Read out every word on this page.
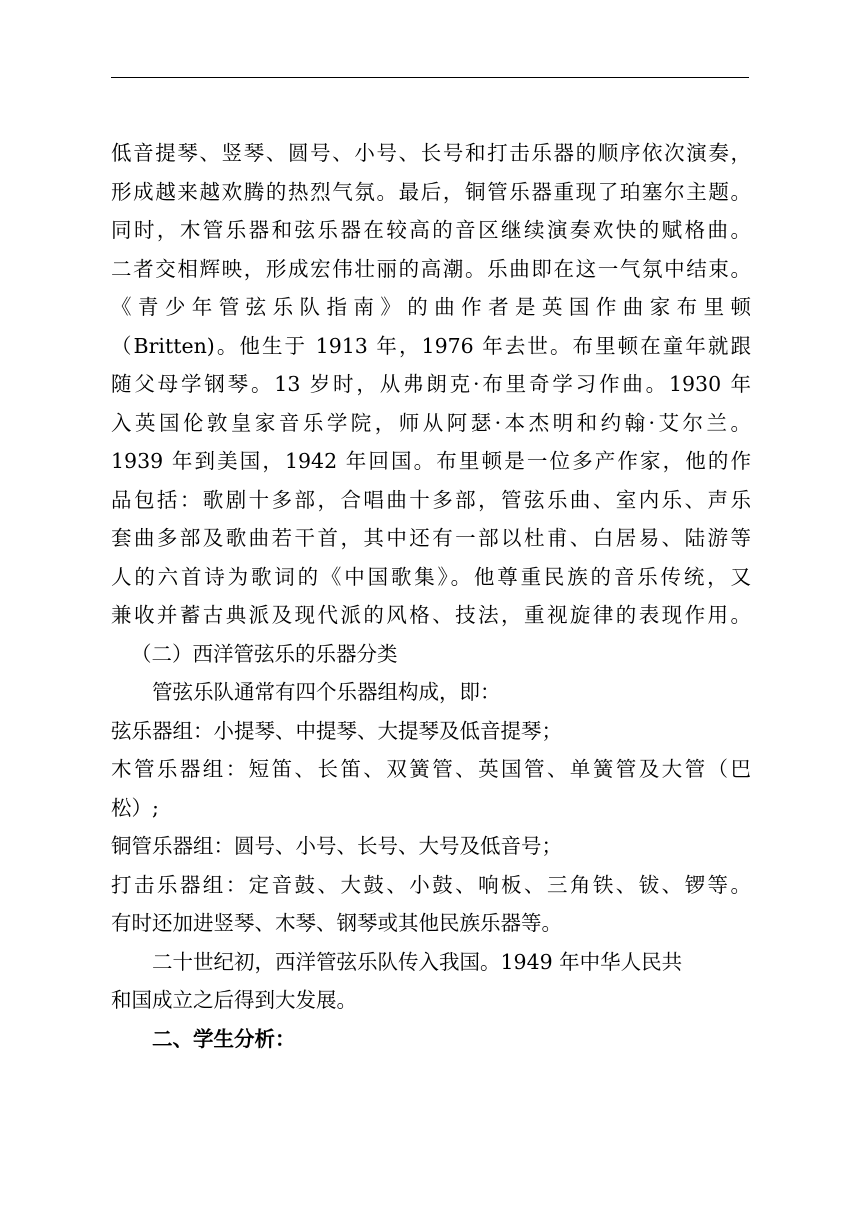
低音提琴、竖琴、圆号、小号、长号和打击乐器的顺序依次演奏，
形成越来越欢腾的热烈气氛。最后，铜管乐器重现了珀塞尔主题。
同时，木管乐器和弦乐器在较高的音区继续演奏欢快的赋格曲。
二者交相辉映，形成宏伟壮丽的高潮。乐曲即在这一气氛中结束。
《青少年管弦乐队指南》的曲作者是英国作曲家布里顿
（Britten)。他生于 1913 年，1976 年去世。布里顿在童年就跟
随父母学钢琴。13 岁时，从弗朗克·布里奇学习作曲。1930 年
入英国伦敦皇家音乐学院，师从阿瑟·本杰明和约翰·艾尔兰。
1939 年到美国，1942 年回国。布里顿是一位多产作家，他的作
品包括：歌剧十多部，合唱曲十多部，管弦乐曲、室内乐、声乐
套曲多部及歌曲若干首，其中还有一部以杜甫、白居易、陆游等
人的六首诗为歌词的《中国歌集》。他尊重民族的音乐传统，又
兼收并蓄古典派及现代派的风格、技法，重视旋律的表现作用。
（二）西洋管弦乐的乐器分类
管弦乐队通常有四个乐器组构成，即：
弦乐器组：小提琴、中提琴、大提琴及低音提琴；
木管乐器组：短笛、长笛、双簧管、英国管、单簧管及大管（巴
松）;
铜管乐器组：圆号、小号、长号、大号及低音号；
打击乐器组：定音鼓、大鼓、小鼓、响板、三角铁、钹、锣等。
有时还加进竖琴、木琴、钢琴或其他民族乐器等。
二十世纪初，西洋管弦乐队传入我国。1949 年中华人民共
和国成立之后得到大发展。
二、学生分析：
